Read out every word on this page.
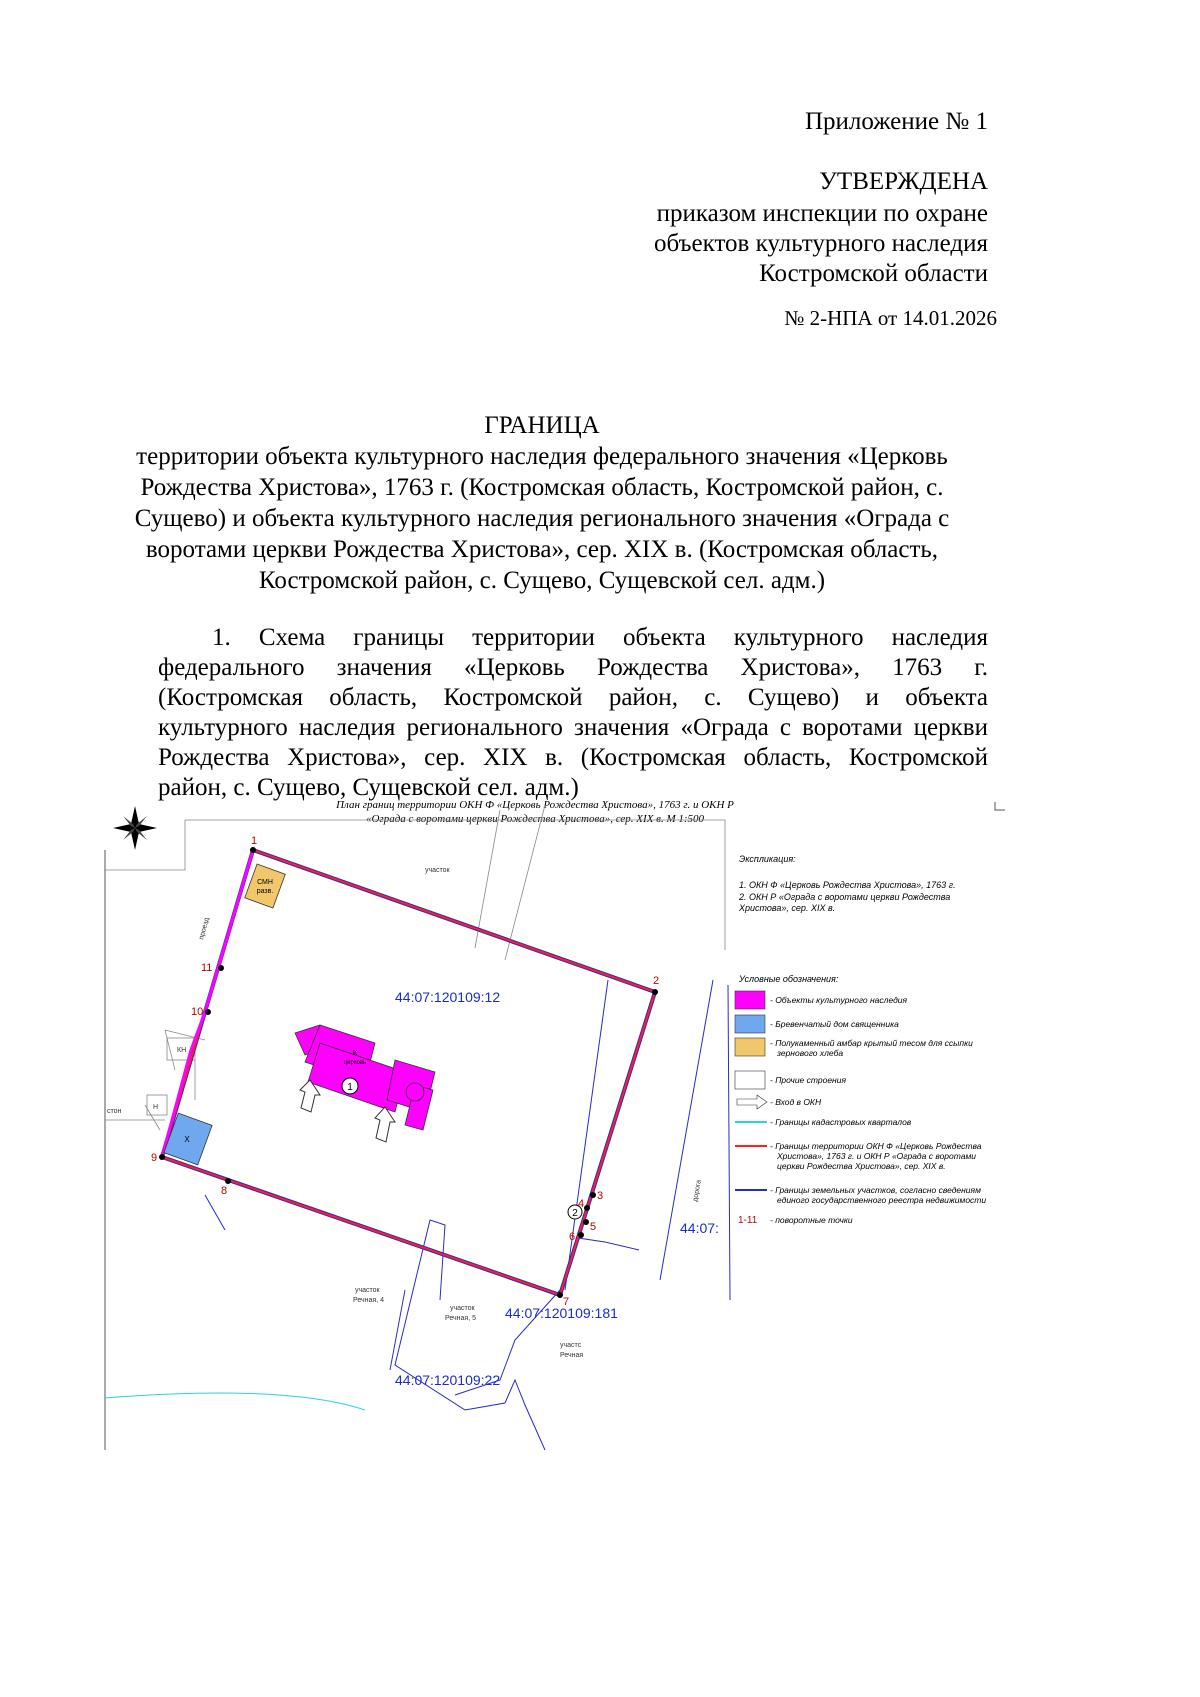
Приложение № 1
УТВЕРЖДЕНА
приказом инспекции по охране
объектов культурного наследия
Костромской области
№ 2-НПА от 14.01.2026
ГРАНИЦА
территории объекта культурного наследия федерального значения «Церковь
Рождества Христова», 1763 г. (Костромская область, Костромской район, с.
Сущево) и объекта культурного наследия регионального значения «Ограда с
воротами церкви Рождества Христова», сер. XIX в. (Костромская область,
Костромской район, с. Сущево, Сущевской сел. адм.)
1. Схема границы территории объекта культурного наследия
федерального значения «Церковь Рождества Христова», 1763 г.
(Костромская область, Костромской район, с. Сущево) и объекта
культурного наследия регионального значения «Ограда с воротами церкви
Рождества Христова», сер. XIX в. (Костромская область, Костромской
район, с. Сущево, Сущевской сел. адм.)
План границ территории ОКН Ф «Церковь Рождества Христова», 1763 г. и ОКН Р
«Ограда с воротами церкви Рождества Христова», сер. XIX в. М 1:500
СМН
разв.
Х
К
церковь
1
44:07:120109:12
44:07:120109:181
44:07:120109:22
44:07:
участок
проезд
дорога
стон
участок
Речная, 4
участок
Речная, 5
участс
Речная
КН
Н
2
1
2
3
4
5
6
7
8
9
10
11
Экспликация:
1. ОКН Ф «Церковь Рождества Христова», 1763 г.
2. ОКН Р «Ограда с воротами церкви Рождества
Христова», сер. XIX в.
Условные обозначения:
1-11
- Объекты культурного наследия
- Бревенчатый дом священника
- Полукаменный амбар крытый тесом для ссыпки
зернового хлеба
- Прочие строения
- Вход в ОКН
- Границы кадастровых кварталов
- Границы территории ОКН Ф «Церковь Рождества
Христова», 1763 г. и ОКН Р «Ограда с воротами
церкви Рождества Христова», сер. XIX в.
- Границы земельных участков, согласно сведениям
единого государственного реестра недвижимости
- поворотные точки
